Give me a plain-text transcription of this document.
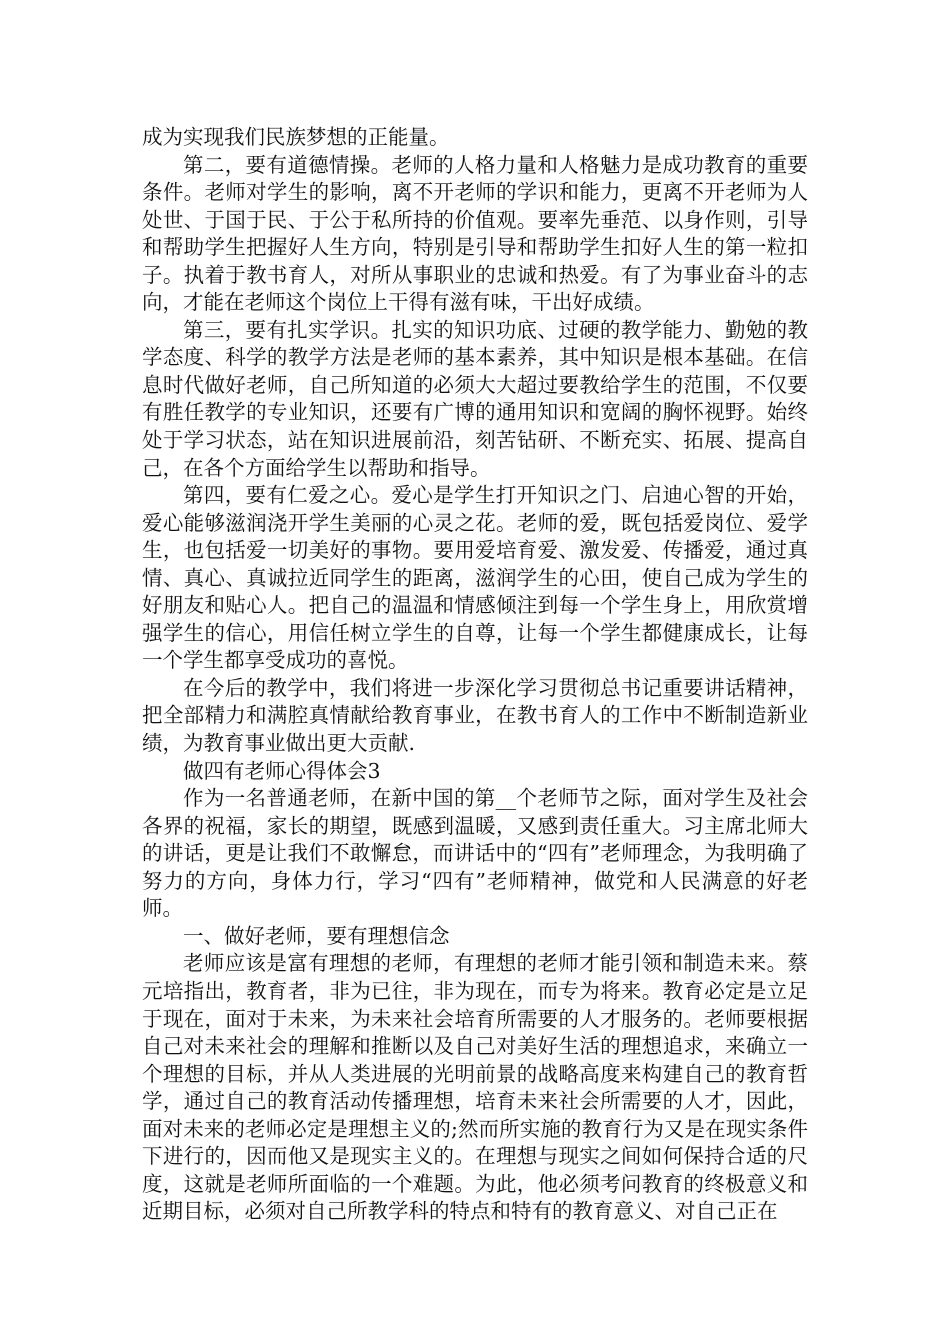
成为实现我们民族梦想的正能量。

第二，要有道德情操。老师的人格力量和人格魅力是成功教育的重要条件。老师对学生的影响，离不开老师的学识和能力，更离不开老师为人处世、于国于民、于公于私所持的价值观。要率先垂范、以身作则，引导和帮助学生把握好人生方向，特别是引导和帮助学生扣好人生的第一粒扣子。执着于教书育人，对所从事职业的忠诚和热爱。有了为事业奋斗的志向，才能在老师这个岗位上干得有滋有味，干出好成绩。

第三，要有扎实学识。扎实的知识功底、过硬的教学能力、勤勉的教学态度、科学的教学方法是老师的基本素养，其中知识是根本基础。在信息时代做好老师，自己所知道的必须大大超过要教给学生的范围，不仅要有胜任教学的专业知识，还要有广博的通用知识和宽阔的胸怀视野。始终处于学习状态，站在知识进展前沿，刻苦钻研、不断充实、拓展、提高自己，在各个方面给学生以帮助和指导。

第四，要有仁爱之心。爱心是学生打开知识之门、启迪心智的开始，爱心能够滋润浇开学生美丽的心灵之花。老师的爱，既包括爱岗位、爱学生，也包括爱一切美好的事物。要用爱培育爱、激发爱、传播爱，通过真情、真心、真诚拉近同学生的距离，滋润学生的心田，使自己成为学生的好朋友和贴心人。把自己的温温和情感倾注到每一个学生身上，用欣赏增强学生的信心，用信任树立学生的自尊，让每一个学生都健康成长，让每一个学生都享受成功的喜悦。

在今后的教学中，我们将进一步深化学习贯彻总书记重要讲话精神，把全部精力和满腔真情献给教育事业，在教书育人的工作中不断制造新业绩，为教育事业做出更大贡献.

做四有老师心得体会3

作为一名普通老师，在新中国的第__个老师节之际，面对学生及社会各界的祝福，家长的期望，既感到温暖，又感到责任重大。习主席北师大的讲话，更是让我们不敢懈怠，而讲话中的“四有”老师理念，为我明确了努力的方向，身体力行，学习“四有”老师精神，做党和人民满意的好老师。

一、做好老师，要有理想信念

老师应该是富有理想的老师，有理想的老师才能引领和制造未来。蔡元培指出，教育者，非为已往，非为现在，而专为将来。教育必定是立足于现在，面对于未来，为未来社会培育所需要的人才服务的。老师要根据自己对未来社会的理解和推断以及自己对美好生活的理想追求，来确立一个理想的目标，并从人类进展的光明前景的战略高度来构建自己的教育哲学，通过自己的教育活动传播理想，培育未来社会所需要的人才，因此，面对未来的老师必定是理想主义的;然而所实施的教育行为又是在现实条件下进行的，因而他又是现实主义的。在理想与现实之间如何保持合适的尺度，这就是老师所面临的一个难题。为此，他必须考问教育的终极意义和近期目标，必须对自己所教学科的特点和特有的教育意义、对自己正在
